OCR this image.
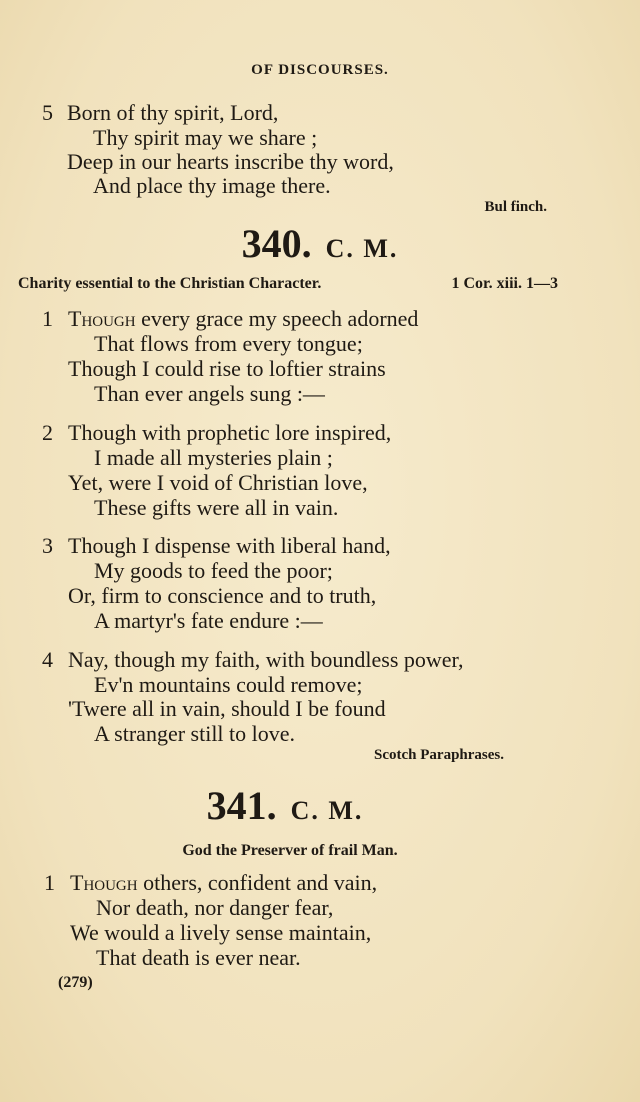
OF DISCOURSES.
5 Born of thy spirit, Lord,
Thy spirit may we share ;
Deep in our hearts inscribe thy word,
And place thy image there.
Bul finch.
340. C. M.
Charity essential to the Christian Character.	1 Cor. xiii. 1—3
1 Though every grace my speech adorned
That flows from every tongue;
Though I could rise to loftier strains
Than ever angels sung :—
2 Though with prophetic lore inspired,
I made all mysteries plain ;
Yet, were I void of Christian love,
These gifts were all in vain.
3 Though I dispense with liberal hand,
My goods to feed the poor;
Or, firm to conscience and to truth,
A martyr's fate endure :—
4 Nay, though my faith, with boundless power,
Ev'n mountains could remove;
'Twere all in vain, should I be found
A stranger still to love.
Scotch Paraphrases.
341. C. M.
God the Preserver of frail Man.
1 Though others, confident and vain,
Nor death, nor danger fear,
We would a lively sense maintain,
That death is ever near.
(279)
